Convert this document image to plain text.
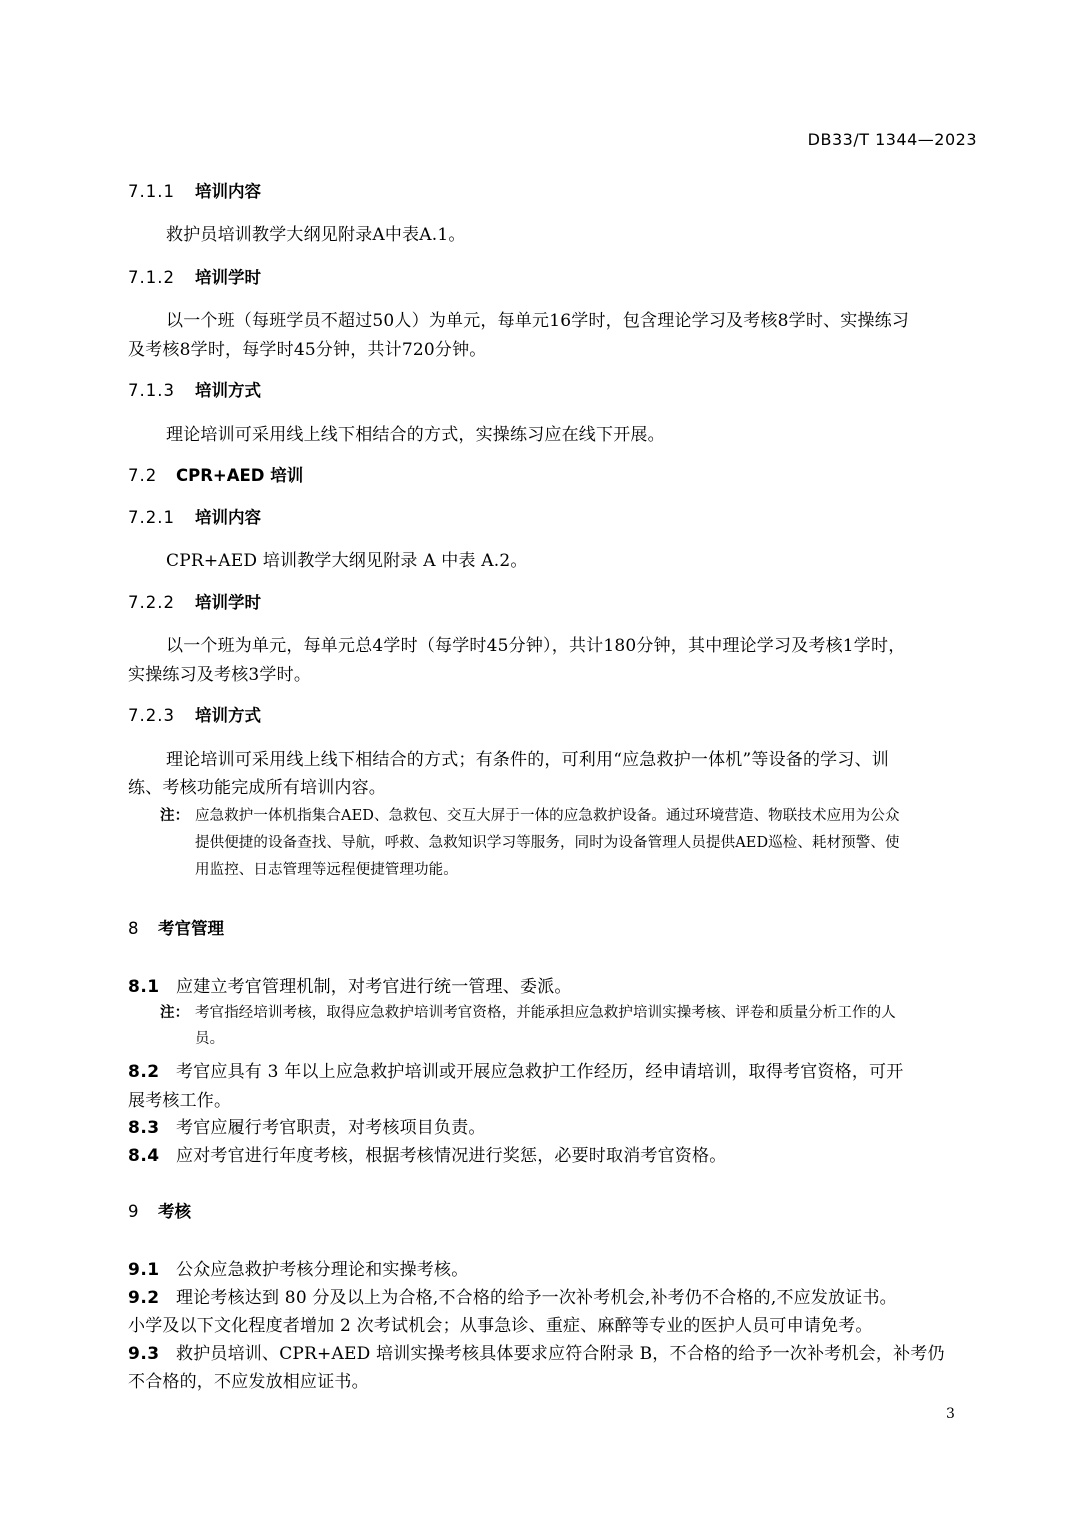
DB33/T 1344—2023
7.1.1 培训内容
救护员培训教学大纲见附录A中表A.1。
7.1.2 培训学时
以一个班（每班学员不超过50人）为单元，每单元16学时，包含理论学习及考核8学时、实操练习
及考核8学时，每学时45分钟，共计720分钟。
7.1.3 培训方式
理论培训可采用线上线下相结合的方式，实操练习应在线下开展。
7.2 CPR+AED 培训
7.2.1 培训内容
CPR+AED 培训教学大纲见附录 A 中表 A.2。
7.2.2 培训学时
以一个班为单元，每单元总4学时（每学时45分钟），共计180分钟，其中理论学习及考核1学时，
实操练习及考核3学时。
7.2.3 培训方式
理论培训可采用线上线下相结合的方式；有条件的，可利用“应急救护一体机”等设备的学习、训
练、考核功能完成所有培训内容。
注： 应急救护一体机指集合AED、急救包、交互大屏于一体的应急救护设备。通过环境营造、物联技术应用为公众
提供便捷的设备查找、导航，呼救、急救知识学习等服务，同时为设备管理人员提供AED巡检、耗材预警、使
用监控、日志管理等远程便捷管理功能。
8 考官管理
8.1 应建立考官管理机制，对考官进行统一管理、委派。
注： 考官指经培训考核，取得应急救护培训考官资格，并能承担应急救护培训实操考核、评卷和质量分析工作的人
员。
8.2 考官应具有 3 年以上应急救护培训或开展应急救护工作经历，经申请培训，取得考官资格，可开
展考核工作。
8.3 考官应履行考官职责，对考核项目负责。
8.4 应对考官进行年度考核，根据考核情况进行奖惩，必要时取消考官资格。
9 考核
9.1 公众应急救护考核分理论和实操考核。
9.2 理论考核达到 80 分及以上为合格,不合格的给予一次补考机会,补考仍不合格的,不应发放证书。
小学及以下文化程度者增加 2 次考试机会；从事急诊、重症、麻醉等专业的医护人员可申请免考。
9.3 救护员培训、CPR+AED 培训实操考核具体要求应符合附录 B，不合格的给予一次补考机会，补考仍
不合格的，不应发放相应证书。
3
